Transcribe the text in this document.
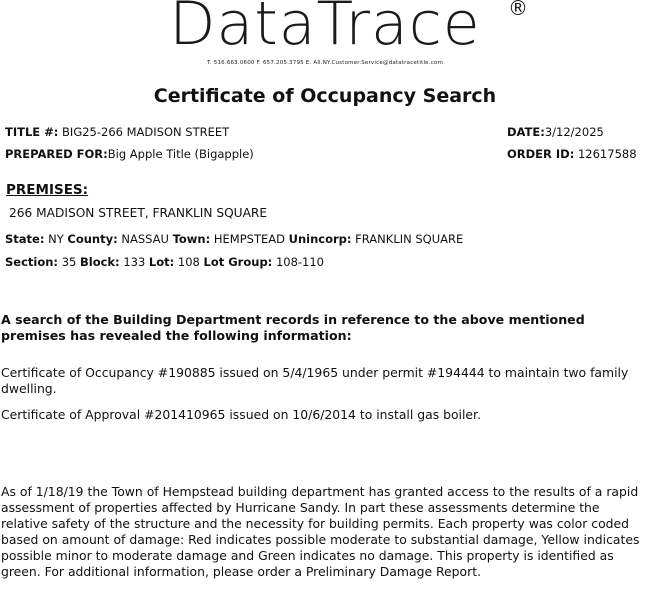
DataTrace ®
T. 516.663.0600 F. 657.205.3795 E. All.NY.Customer.Service@datatracetitle.com
Certificate of Occupancy Search
TITLE #: BIG25-266 MADISON STREET	DATE:3/12/2025
PREPARED FOR:Big Apple Title (Bigapple)	ORDER ID: 12617588
PREMISES:
266 MADISON STREET, FRANKLIN SQUARE
State: NY County: NASSAU Town: HEMPSTEAD Unincorp: FRANKLIN SQUARE
Section: 35 Block: 133 Lot: 108 Lot Group: 108-110
A search of the Building Department records in reference to the above mentioned premises has revealed the following information:
Certificate of Occupancy #190885 issued on 5/4/1965 under permit #194444 to maintain two family dwelling.
Certificate of Approval #201410965 issued on 10/6/2014 to install gas boiler.
As of 1/18/19 the Town of Hempstead building department has granted access to the results of a rapid assessment of properties affected by Hurricane Sandy. In part these assessments determine the relative safety of the structure and the necessity for building permits. Each property was color coded based on amount of damage: Red indicates possible moderate to substantial damage, Yellow indicates possible minor to moderate damage and Green indicates no damage. This property is identified as green. For additional information, please order a Preliminary Damage Report.
